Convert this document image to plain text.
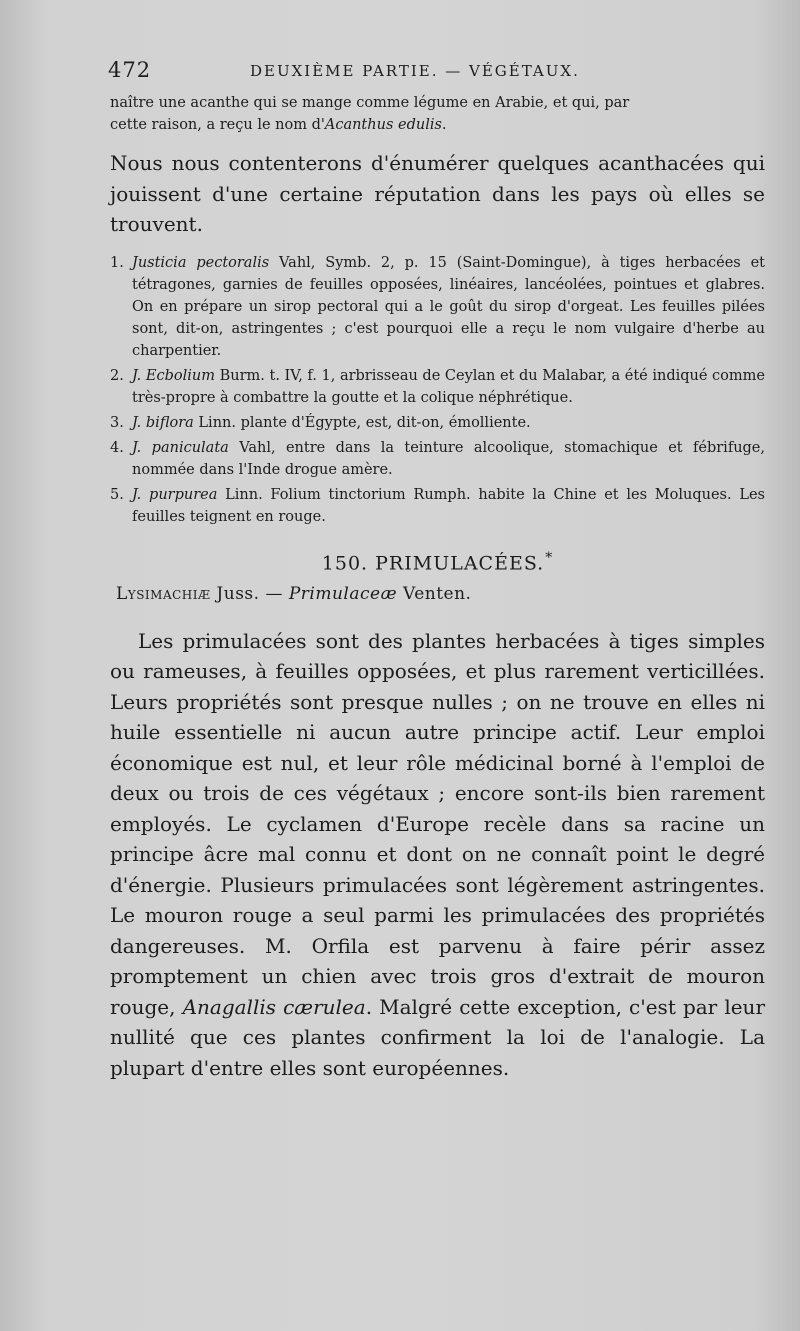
472	DEUXIÈME PARTIE. — VÉGÉTAUX.

naître une acanthe qui se mange comme légume en Arabie, et qui, par

cette raison, a reçu le nom d'Acanthus edulis.

Nous nous contenterons d'énumérer quelques acanthacées qui jouissent d'une certaine réputation dans les pays où elles se trouvent.

1. Justicia pectoralis Vahl, Symb. 2, p. 15 (Saint-Domingue), à tiges herbacées et tétragones, garnies de feuilles opposées, linéaires, lancéolées, pointues et glabres. On en prépare un sirop pectoral qui a le goût du sirop d'orgeat. Les feuilles pilées sont, dit-on, astringentes ; c'est pourquoi elle a reçu le nom vulgaire d'herbe au charpentier.

2. J. Ecbolium Burm. t. IV, f. 1, arbrisseau de Ceylan et du Malabar, a été indiqué comme très-propre à combattre la goutte et la colique néphrétique.

3. J. biflora Linn. plante d'Égypte, est, dit-on, émolliente.

4. J. paniculata Vahl, entre dans la teinture alcoolique, stomachique et fébrifuge, nommée dans l'Inde drogue amère.

5. J. purpurea Linn. Folium tinctorium Rumph. habite la Chine et les Moluques. Les feuilles teignent en rouge.

150. PRIMULACÉES.*
Lysimachiæ Juss. — Primulaceæ Venten.

Les primulacées sont des plantes herbacées à tiges simples ou rameuses, à feuilles opposées, et plus rarement verticillées. Leurs propriétés sont presque nulles ; on ne trouve en elles ni huile essentielle ni aucun autre principe actif. Leur emploi économique est nul, et leur rôle médicinal borné à l'emploi de deux ou trois de ces végétaux ; encore sont-ils bien rarement employés. Le cyclamen d'Europe recèle dans sa racine un principe âcre mal connu et dont on ne connaît point le degré d'énergie. Plusieurs primulacées sont légèrement astringentes. Le mouron rouge a seul parmi les primulacées des propriétés dangereuses. M. Orfila est parvenu à faire périr assez promptement un chien avec trois gros d'extrait de mouron rouge, Anagallis cærulea. Malgré cette exception, c'est par leur nullité que ces plantes confirment la loi de l'analogie. La plupart d'entre elles sont européennes.
